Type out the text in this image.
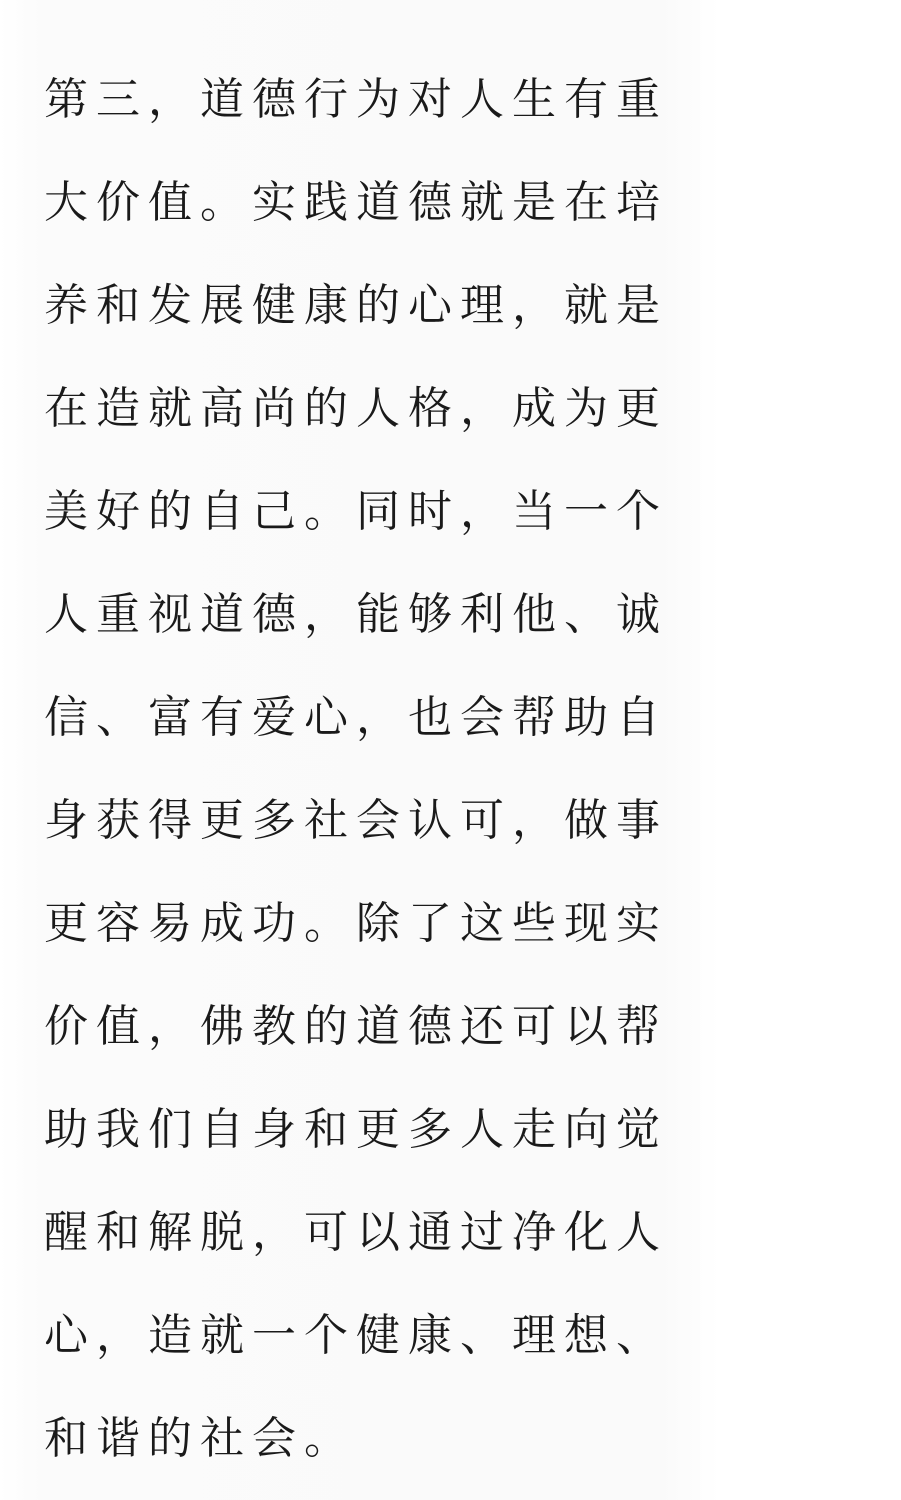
第三，道德行为对人生有重
大价值。实践道德就是在培
养和发展健康的心理，就是
在造就高尚的人格，成为更
美好的自己。同时，当一个
人重视道德，能够利他、诚
信、富有爱心，也会帮助自
身获得更多社会认可，做事
更容易成功。除了这些现实
价值，佛教的道德还可以帮
助我们自身和更多人走向觉
醒和解脱，可以通过净化人
心，造就一个健康、理想、
和谐的社会。
